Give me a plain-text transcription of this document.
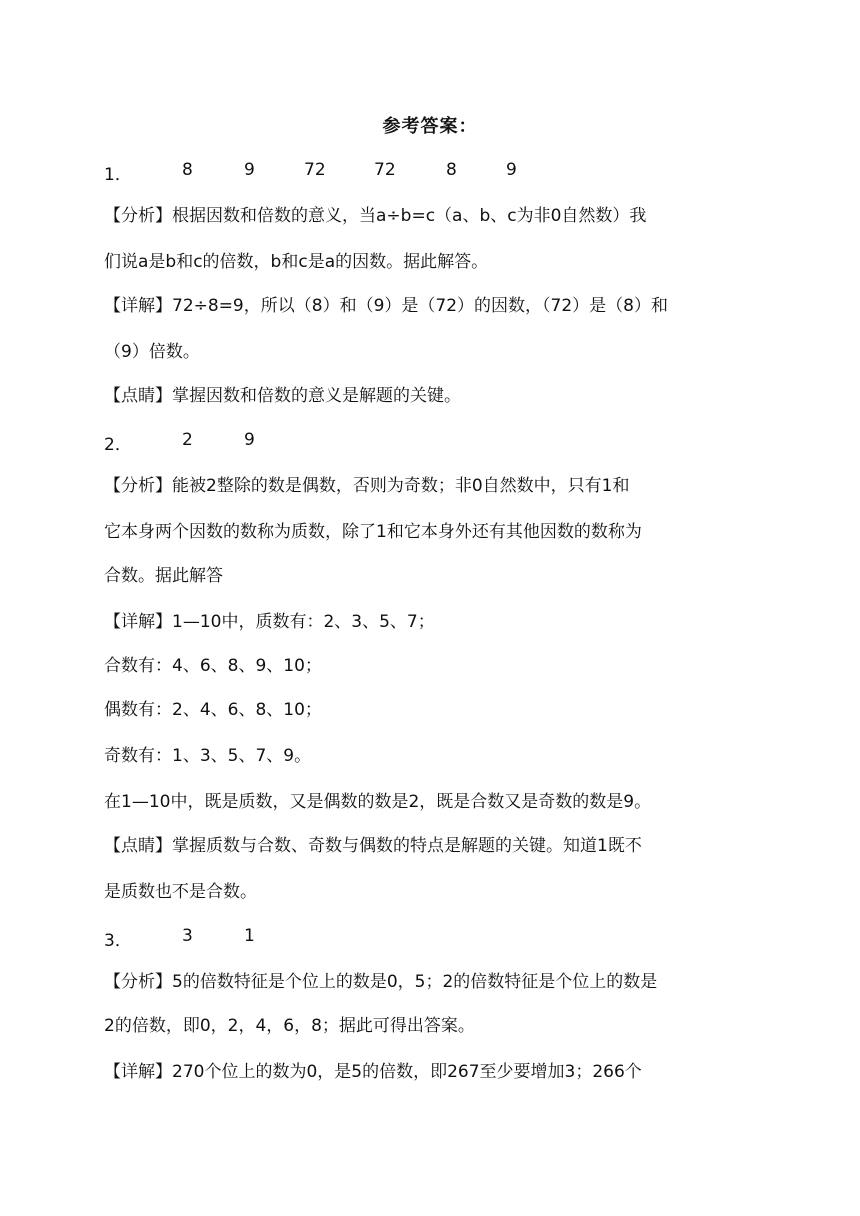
参考答案：
1．	8	9	72	72	8	9
【分析】根据因数和倍数的意义，当a÷b=c（a、b、c为非0自然数）我
们说a是b和c的倍数，b和c是a的因数。据此解答。
【详解】72÷8=9，所以（8）和（9）是（72）的因数，（72）是（8）和
（9）倍数。
【点睛】掌握因数和倍数的意义是解题的关键。
2．	2	9
【分析】能被2整除的数是偶数，否则为奇数；非0自然数中，只有1和
它本身两个因数的数称为质数，除了1和它本身外还有其他因数的数称为
合数。据此解答
【详解】1—10中，质数有：2、3、5、7；
合数有：4、6、8、9、10；
偶数有：2、4、6、8、10；
奇数有：1、3、5、7、9。
在1—10中，既是质数，又是偶数的数是2，既是合数又是奇数的数是9。
【点睛】掌握质数与合数、奇数与偶数的特点是解题的关键。知道1既不
是质数也不是合数。
3．	3	1
【分析】5的倍数特征是个位上的数是0，5；2的倍数特征是个位上的数是
2的倍数，即0，2，4，6，8；据此可得出答案。
【详解】270个位上的数为0，是5的倍数，即267至少要增加3；266个
